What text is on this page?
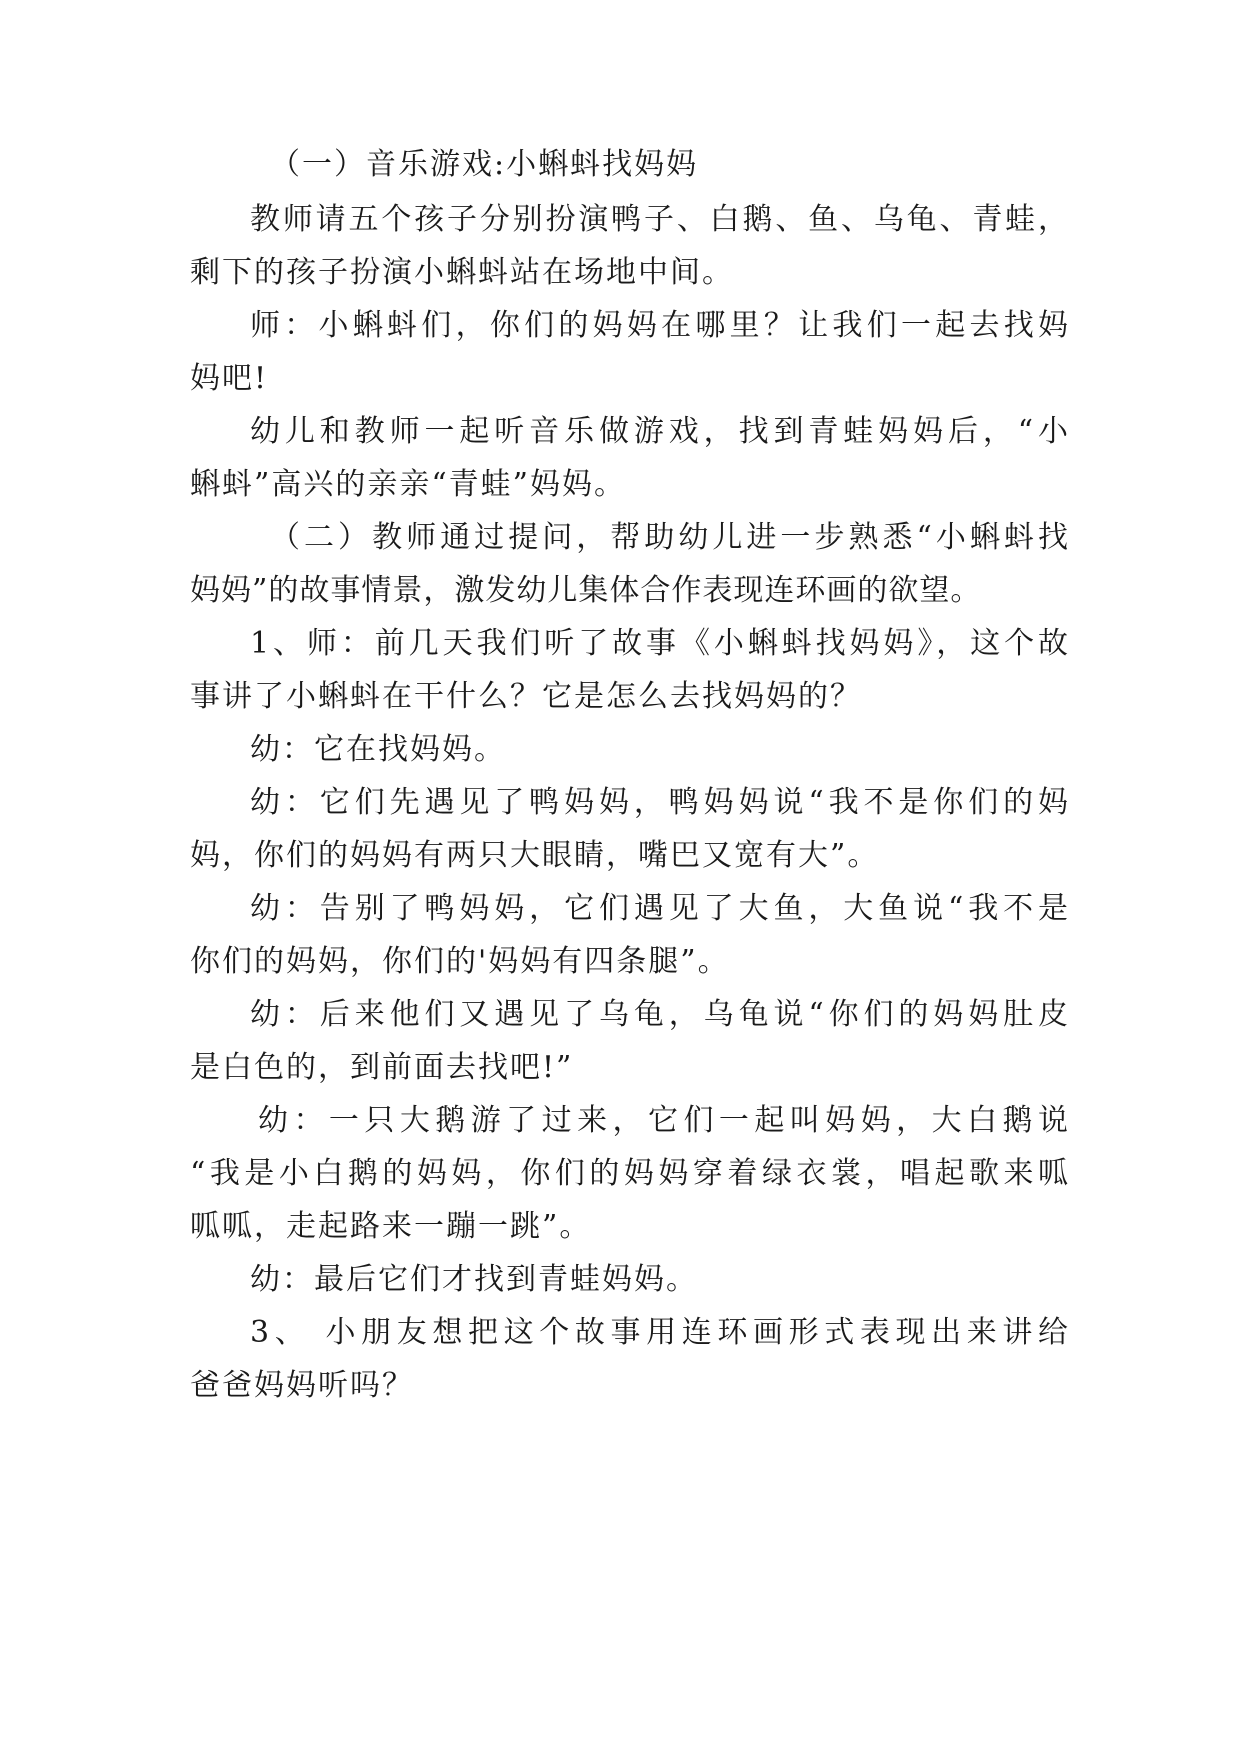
（一）音乐游戏:小蝌蚪找妈妈
教师请五个孩子分别扮演鸭子、白鹅、鱼、乌龟、青蛙，
剩下的孩子扮演小蝌蚪站在场地中间。
师：小蝌蚪们，你们的妈妈在哪里？让我们一起去找妈
妈吧!
幼儿和教师一起听音乐做游戏，找到青蛙妈妈后，“小
蝌蚪”高兴的亲亲“青蛙”妈妈。
（二）教师通过提问，帮助幼儿进一步熟悉“小蝌蚪找
妈妈”的故事情景，激发幼儿集体合作表现连环画的欲望。
1、师：前几天我们听了故事《小蝌蚪找妈妈》，这个故
事讲了小蝌蚪在干什么？它是怎么去找妈妈的？
幼：它在找妈妈。
幼：它们先遇见了鸭妈妈，鸭妈妈说“我不是你们的妈
妈，你们的妈妈有两只大眼睛，嘴巴又宽有大”。
幼：告别了鸭妈妈，它们遇见了大鱼，大鱼说“我不是
你们的妈妈，你们的'妈妈有四条腿”。
幼：后来他们又遇见了乌龟，乌龟说“你们的妈妈肚皮
是白色的，到前面去找吧!”
幼：一只大鹅游了过来，它们一起叫妈妈，大白鹅说
“我是小白鹅的妈妈，你们的妈妈穿着绿衣裳，唱起歌来呱
呱呱，走起路来一蹦一跳”。
幼：最后它们才找到青蛙妈妈。
3、 小朋友想把这个故事用连环画形式表现出来讲给
爸爸妈妈听吗？
